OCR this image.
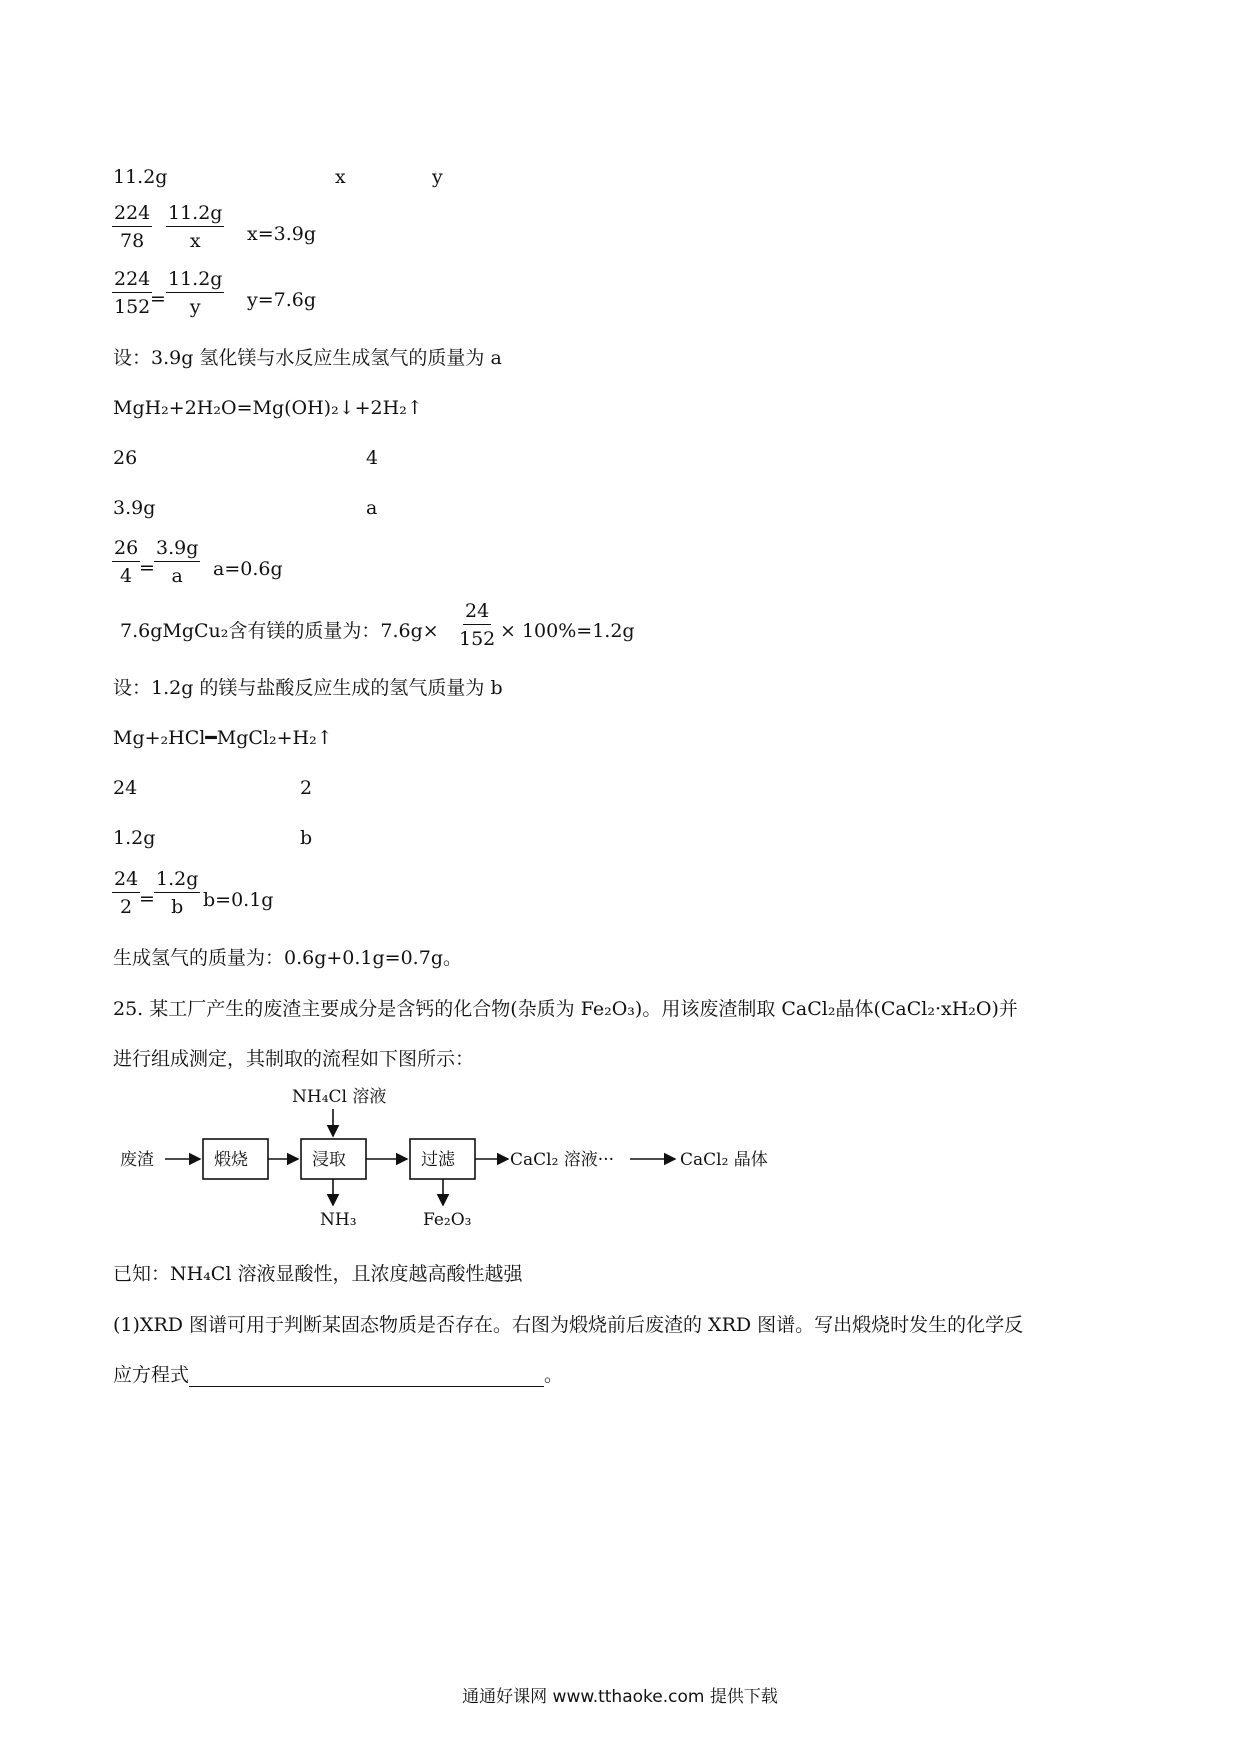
11.2g	x	y
$\frac{224}{78} \frac{11.2g}{x} x=3.9g$
$\frac{224}{152}$
= $\frac{11.2g}{y} y=7.6g$
设：3.9g 氢化镁与水反应生成氢气的质量为 a
MgH₂+2H₂O=Mg(OH)₂↓+2H₂↑
26	4
3.9g	a
$\frac{26}{4}$
= $\frac{3.9g}{a} a=0.6g$
7.6gMgCu₂含有镁的质量为：$7.6g\times \frac{24}{152} \times 100\%=1.2g$
设：1.2g 的镁与盐酸反应生成的氢气质量为 b
Mg+₂HCl━MgCl₂+H₂↑
24	2
1.2g	b
$\frac{24}{2}$
= $\frac{1.2g}{b} b=0.1g$
生成氢气的质量为：0.6g+0.1g=0.7g。
25. 某工厂产生的废渣主要成分是含钙的化合物(杂质为 Fe₂O₃)。用该废渣制取 CaCl₂晶体(CaCl₂·xH₂O)并
进行组成测定，其制取的流程如下图所示：
废渣	煅烧	浸取
NH₄Cl 溶液
NH₃
过滤
Fe₂O₃
CaCl₂ 溶液···	CaCl₂ 晶体
已知：NH₄Cl 溶液显酸性，且浓度越高酸性越强
(1)XRD 图谱可用于判断某固态物质是否存在。右图为煅烧前后废渣的 XRD 图谱。写出煅烧时发生的化学反
应方程式	。
通通好课网 www.tthaoke.com 提供下载
